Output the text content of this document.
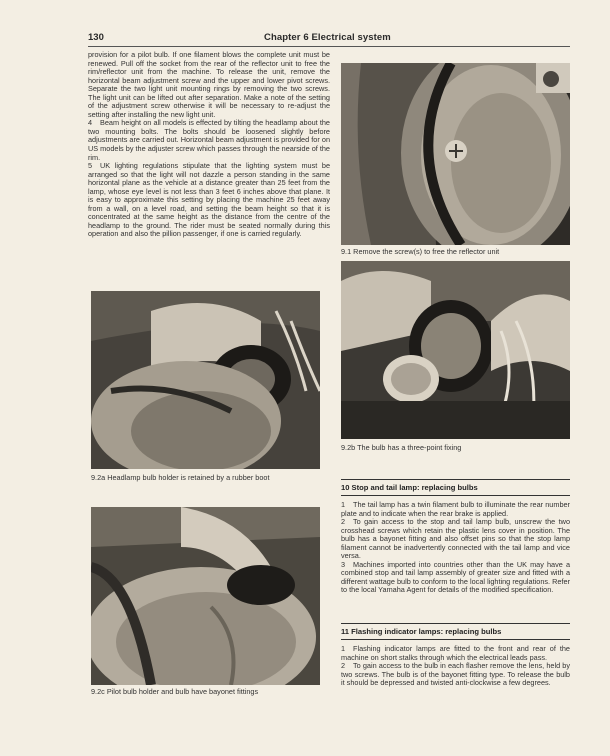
130	Chapter 6 Electrical system

provision for a pilot bulb. If one filament blows the complete unit must be renewed. Pull off the socket from the rear of the reflector unit to free the rim/reflector unit from the machine. To release the unit, remove the horizontal beam adjustment screw and the upper and lower pivot screws. Separate the two light unit mounting rings by removing the two screws. The light unit can be lifted out after separation. Make a note of the setting of the adjustment screw otherwise it will be necessary to re-adjust the setting after installing the new light unit.

4 Beam height on all models is effected by tilting the headlamp about the two mounting bolts. The bolts should be loosened slightly before adjustments are carried out. Horizontal beam adjustment is provided for on US models by the adjuster screw which passes through the nearside of the rim.

5 UK lighting regulations stipulate that the lighting system must be arranged so that the light will not dazzle a person standing in the same horizontal plane as the vehicle at a distance greater than 25 feet from the lamp, whose eye level is not less than 3 feet 6 inches above that plane. It is easy to approximate this setting by placing the machine 25 feet away from a wall, on a level road, and setting the beam height so that it is concentrated at the same height as the distance from the centre of the headlamp to the ground. The rider must be seated normally during this operation and also the pillion passenger, if one is carried regularly.

9.1 Remove the screw(s) to free the reflector unit
9.2b The bulb has a three-point fixing
9.2a Headlamp bulb holder is retained by a rubber boot
9.2c Pilot bulb holder and bulb have bayonet fittings
10 Stop and tail lamp: replacing bulbs

1 The tail lamp has a twin filament bulb to illuminate the rear number plate and to indicate when the rear brake is applied.

2 To gain access to the stop and tail lamp bulb, unscrew the two crosshead screws which retain the plastic lens cover in position. The bulb has a bayonet fitting and also offset pins so that the stop lamp filament cannot be inadvertently connected with the tail lamp and vice versa.

3 Machines imported into countries other than the UK may have a combined stop and tail lamp assembly of greater size and fitted with a different wattage bulb to conform to the local lighting regulations. Refer to the local Yamaha Agent for details of the modified specification.

11 Flashing indicator lamps: replacing bulbs

1 Flashing indicator lamps are fitted to the front and rear of the machine on short stalks through which the electrical leads pass.

2 To gain access to the bulb in each flasher remove the lens, held by two screws. The bulb is of the bayonet fitting type. To release the bulb it should be depressed and twisted anti-clockwise a few degrees.
